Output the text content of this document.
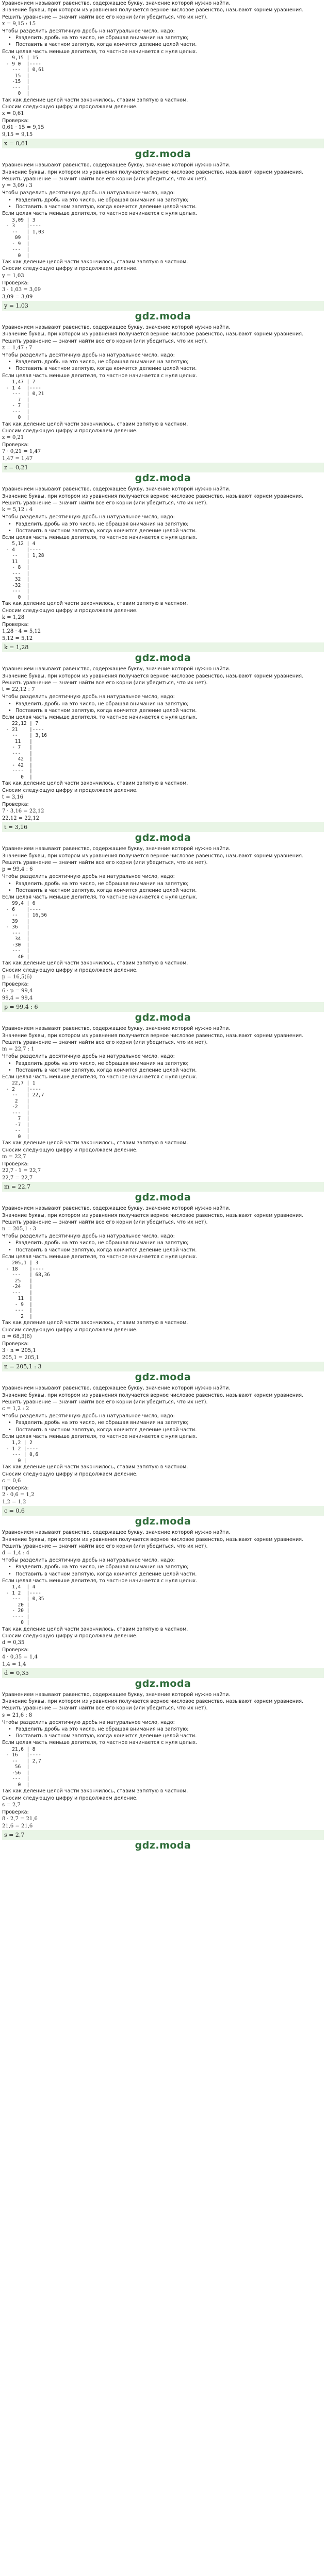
Уравнением называют равенство, содержащее букву, значение которой нужно найти.

Значение буквы, при котором из уравнения получается верное числовое равенство, называют корнем уравнения.

Решить уравнение — значит найти все его корни (или убедиться, что их нет).

x = 9,15 : 15

Чтобы разделить десятичную дробь на натуральное число, надо:

• Разделить дробь на это число, не обращая внимания на запятую;

• Поставить в частном запятую, когда кончится деление целой части.

Если целая часть меньше делителя, то частное начинается с нуля целых.

9,15 | 15
- 9 0  |----
---  | 0,61
15  |
-15  |
---  |
0  |

Так как деление целой части закончилось, ставим запятую в частном.

Сносим следующую цифру и продолжаем деление.

x = 0,61

Проверка:

0,61 · 15 = 9,15

9,15 = 9,15

x = 0,61

gdz.moda

Уравнением называют равенство, содержащее букву, значение которой нужно найти.

Значение буквы, при котором из уравнения получается верное числовое равенство, называют корнем уравнения.

Решить уравнение — значит найти все его корни (или убедиться, что их нет).

y = 3,09 : 3

Чтобы разделить десятичную дробь на натуральное число, надо:

• Разделить дробь на это число, не обращая внимания на запятую;

• Поставить в частном запятую, когда кончится деление целой части.

Если целая часть меньше делителя, то частное начинается с нуля целых.

3,09 | 3
- 3    |----
--   | 1,03
09  |
- 9  |
---  |
0  |

Так как деление целой части закончилось, ставим запятую в частном.

Сносим следующую цифру и продолжаем деление.

y = 1,03

Проверка:

3 · 1,03 = 3,09

3,09 = 3,09

y = 1,03

gdz.moda

Уравнением называют равенство, содержащее букву, значение которой нужно найти.

Значение буквы, при котором из уравнения получается верное числовое равенство, называют корнем уравнения.

Решить уравнение — значит найти все его корни (или убедиться, что их нет).

z = 1,47 : 7

Чтобы разделить десятичную дробь на натуральное число, надо:

• Разделить дробь на это число, не обращая внимания на запятую;

• Поставить в частном запятую, когда кончится деление целой части.

Если целая часть меньше делителя, то частное начинается с нуля целых.

1,47 | 7
- 1 4  |----
---  | 0,21
7  |
- 7  |
---  |
0  |

Так как деление целой части закончилось, ставим запятую в частном.

Сносим следующую цифру и продолжаем деление.

z = 0,21

Проверка:

7 · 0,21 = 1,47

1,47 = 1,47

z = 0,21

gdz.moda

Уравнением называют равенство, содержащее букву, значение которой нужно найти.

Значение буквы, при котором из уравнения получается верное числовое равенство, называют корнем уравнения.

Решить уравнение — значит найти все его корни (или убедиться, что их нет).

k = 5,12 : 4

Чтобы разделить десятичную дробь на натуральное число, надо:

• Разделить дробь на это число, не обращая внимания на запятую;

• Поставить в частном запятую, когда кончится деление целой части.

Если целая часть меньше делителя, то частное начинается с нуля целых.

5,12 | 4
- 4    |----
--   | 1,28
11   |
- 8  |
---  |
32  |
-32  |
---  |
0  |

Так как деление целой части закончилось, ставим запятую в частном.

Сносим следующую цифру и продолжаем деление.

k = 1,28

Проверка:

1,28 · 4 = 5,12

5,12 = 5,12

k = 1,28

gdz.moda

Уравнением называют равенство, содержащее букву, значение которой нужно найти.

Значение буквы, при котором из уравнения получается верное числовое равенство, называют корнем уравнения.

Решить уравнение — значит найти все его корни (или убедиться, что их нет).

t = 22,12 : 7

Чтобы разделить десятичную дробь на натуральное число, надо:

• Разделить дробь на это число, не обращая внимания на запятую;

• Поставить в частном запятую, когда кончится деление целой части.

Если целая часть меньше делителя, то частное начинается с нуля целых.

22,12 | 7
- 21    |----
--    | 3,16
11   |
- 7   |
---   |
42  |
- 42  |
----  |
0  |

Так как деление целой части закончилось, ставим запятую в частном.

Сносим следующую цифру и продолжаем деление.

t = 3,16

Проверка:

7 · 3,16 = 22,12

22,12 = 22,12

t = 3,16

gdz.moda

Уравнением называют равенство, содержащее букву, значение которой нужно найти.

Значение буквы, при котором из уравнения получается верное числовое равенство, называют корнем уравнения.

Решить уравнение — значит найти все его корни (или убедиться, что их нет).

p = 99,4 : 6

Чтобы разделить десятичную дробь на натуральное число, надо:

• Разделить дробь на это число, не обращая внимания на запятую;

• Поставить в частном запятую, когда кончится деление целой части.

Если целая часть меньше делителя, то частное начинается с нуля целых.

99,4 | 6
- 6    |----
--   | 16,56
39   |
- 36   |
---  |
34  |
-30  |
---  |
40 |

Так как деление целой части закончилось, ставим запятую в частном.

Сносим следующую цифру и продолжаем деление.

p = 16,5(6)

Проверка:

6 · p = 99,4

99,4 = 99,4

p = 99,4 : 6

gdz.moda

Уравнением называют равенство, содержащее букву, значение которой нужно найти.

Значение буквы, при котором из уравнения получается верное числовое равенство, называют корнем уравнения.

Решить уравнение — значит найти все его корни (или убедиться, что их нет).

m = 22,7 : 1

Чтобы разделить десятичную дробь на натуральное число, надо:

• Разделить дробь на это число, не обращая внимания на запятую;

• Поставить в частном запятую, когда кончится деление целой части.

Если целая часть меньше делителя, то частное начинается с нуля целых.

22,7 | 1
- 2    |----
--   | 22,7
2   |
-2   |
---  |
7  |
-7  |
--  |
0  |

Так как деление целой части закончилось, ставим запятую в частном.

Сносим следующую цифру и продолжаем деление.

m = 22,7

Проверка:

22,7 · 1 = 22,7

22,7 = 22,7

m = 22,7

gdz.moda

Уравнением называют равенство, содержащее букву, значение которой нужно найти.

Значение буквы, при котором из уравнения получается верное числовое равенство, называют корнем уравнения.

Решить уравнение — значит найти все его корни (или убедиться, что их нет).

n = 205,1 : 3

Чтобы разделить десятичную дробь на натуральное число, надо:

• Разделить дробь на это число, не обращая внимания на запятую;

• Поставить в частном запятую, когда кончится деление целой части.

Если целая часть меньше делителя, то частное начинается с нуля целых.

205,1 | 3
- 18    |----
---   | 68,36
25   |
-24   |
---   |
11  |
- 9  |
---  |
2  |

Так как деление целой части закончилось, ставим запятую в частном.

Сносим следующую цифру и продолжаем деление.

n = 68,3(6)

Проверка:

3 · n = 205,1

205,1 = 205,1

n = 205,1 : 3

gdz.moda

Уравнением называют равенство, содержащее букву, значение которой нужно найти.

Значение буквы, при котором из уравнения получается верное числовое равенство, называют корнем уравнения.

Решить уравнение — значит найти все его корни (или убедиться, что их нет).

c = 1,2 : 2

Чтобы разделить десятичную дробь на натуральное число, надо:

• Разделить дробь на это число, не обращая внимания на запятую;

• Поставить в частном запятую, когда кончится деление целой части.

Если целая часть меньше делителя, то частное начинается с нуля целых.

1,2 | 2
- 1 2 |----
--- | 0,6
0 |

Так как деление целой части закончилось, ставим запятую в частном.

Сносим следующую цифру и продолжаем деление.

c = 0,6

Проверка:

2 · 0,6 = 1,2

1,2 = 1,2

c = 0,6

gdz.moda

Уравнением называют равенство, содержащее букву, значение которой нужно найти.

Значение буквы, при котором из уравнения получается верное числовое равенство, называют корнем уравнения.

Решить уравнение — значит найти все его корни (или убедиться, что их нет).

d = 1,4 : 4

Чтобы разделить десятичную дробь на натуральное число, надо:

• Разделить дробь на это число, не обращая внимания на запятую;

• Поставить в частном запятую, когда кончится деление целой части.

Если целая часть меньше делителя, то частное начинается с нуля целых.

1,4  | 4
- 1 2  |----
---  | 0,35
20 |
- 20 |
---- |
0 |

Так как деление целой части закончилось, ставим запятую в частном.

Сносим следующую цифру и продолжаем деление.

d = 0,35

Проверка:

4 · 0,35 = 1,4

1,4 = 1,4

d = 0,35

gdz.moda

Уравнением называют равенство, содержащее букву, значение которой нужно найти.

Значение буквы, при котором из уравнения получается верное числовое равенство, называют корнем уравнения.

Решить уравнение — значит найти все его корни (или убедиться, что их нет).

s = 21,6 : 8

Чтобы разделить десятичную дробь на натуральное число, надо:

• Разделить дробь на это число, не обращая внимания на запятую;

• Поставить в частном запятую, когда кончится деление целой части.

Если целая часть меньше делителя, то частное начинается с нуля целых.

21,6 | 8
- 16   |----
--   | 2,7
56  |
-56  |
---  |
0  |

Так как деление целой части закончилось, ставим запятую в частном.

Сносим следующую цифру и продолжаем деление.

s = 2,7

Проверка:

8 · 2,7 = 21,6

21,6 = 21,6

s = 2,7

gdz.moda
